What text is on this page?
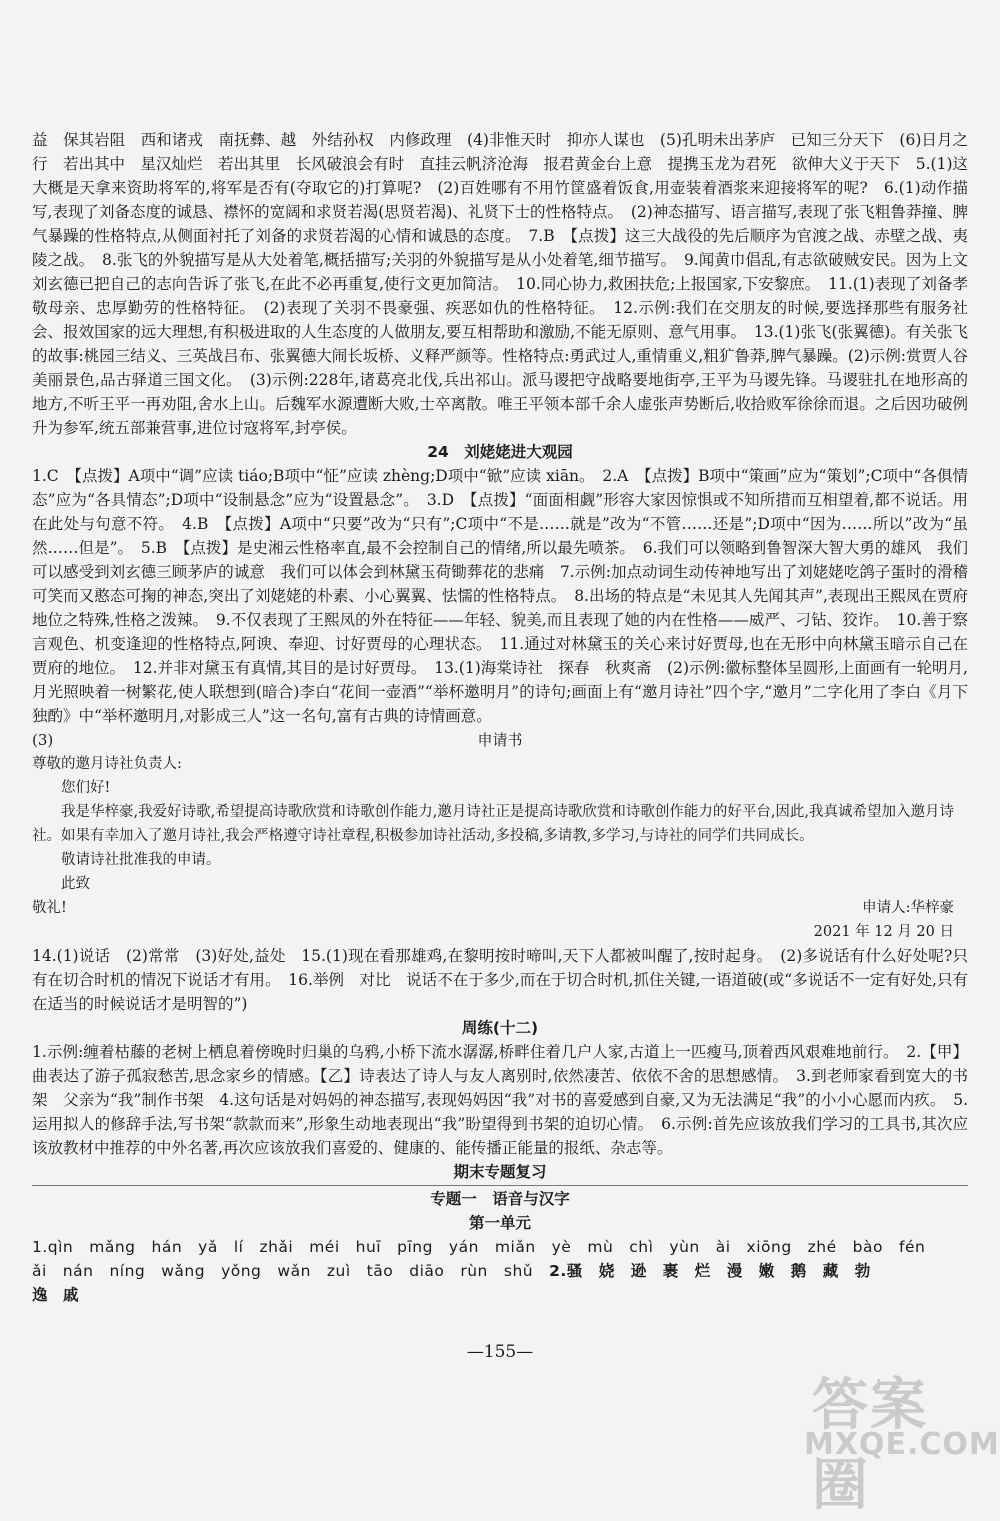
益　保其岩阻　西和诸戎　南抚彝、越　外结孙权　内修政理　(4)非惟天时　抑亦人谋也　(5)孔明未出茅庐　已知三分天下　(6)日月之行　若出其中　星汉灿烂　若出其里　长风破浪会有时　直挂云帆济沧海　报君黄金台上意　提携玉龙为君死　欲伸大义于天下　5.(1)这大概是天拿来资助将军的,将军是否有(夺取它的)打算呢?　(2)百姓哪有不用竹筐盛着饭食,用壶装着酒浆来迎接将军的呢?　6.(1)动作描写,表现了刘备态度的诚恳、襟怀的宽阔和求贤若渴(思贤若渴)、礼贤下士的性格特点。　(2)神态描写、语言描写,表现了张飞粗鲁莽撞、脾气暴躁的性格特点,从侧面衬托了刘备的求贤若渴的心情和诚恳的态度。　7.B　【点拨】这三大战役的先后顺序为官渡之战、赤壁之战、夷陵之战。　8.张飞的外貌描写是从大处着笔,概括描写;关羽的外貌描写是从小处着笔,细节描写。　9.闻黄巾倡乱,有志欲破贼安民。因为上文刘玄德已把自己的志向告诉了张飞,在此不必再重复,使行文更加简洁。　10.同心协力,救困扶危;上报国家,下安黎庶。　11.(1)表现了刘备孝敬母亲、忠厚勤劳的性格特征。　(2)表现了关羽不畏豪强、疾恶如仇的性格特征。　12.示例:我们在交朋友的时候,要选择那些有服务社会、报效国家的远大理想,有积极进取的人生态度的人做朋友,要互相帮助和激励,不能无原则、意气用事。　13.(1)张飞(张翼德)。有关张飞的故事:桃园三结义、三英战吕布、张翼德大闹长坂桥、义释严颜等。性格特点:勇武过人,重情重义,粗犷鲁莽,脾气暴躁。(2)示例:赏贾人谷美丽景色,品古驿道三国文化。　(3)示例:228年,诸葛亮北伐,兵出祁山。派马谡把守战略要地街亭,王平为马谡先锋。马谡驻扎在地形高的地方,不听王平一再劝阻,舍水上山。后魏军水源遭断大败,士卒离散。唯王平领本部千余人虚张声势断后,收拾败军徐徐而退。之后因功破例升为参军,统五部兼营事,进位讨寇将军,封亭侯。

24　刘姥姥进大观园

1.C　【点拨】A项中“调”应读 tiáo;B项中“怔”应读 zhèng;D项中“锨”应读 xiān。　2.A　【点拨】B项中“策画”应为“策划”;C项中“各俱情态”应为“各具情态”;D项中“设制悬念”应为“设置悬念”。　3.D　【点拨】“面面相觑”形容大家因惊惧或不知所措而互相望着,都不说话。用在此处与句意不符。　4.B　【点拨】A项中“只要”改为“只有”;C项中“不是……就是”改为“不管……还是”;D项中“因为……所以”改为“虽然……但是”。　5.B　【点拨】是史湘云性格率直,最不会控制自己的情绪,所以最先喷茶。　6.我们可以领略到鲁智深大智大勇的雄风　我们可以感受到刘玄德三顾茅庐的诚意　我们可以体会到林黛玉荷锄葬花的悲痛　7.示例:加点动词生动传神地写出了刘姥姥吃鸽子蛋时的滑稽可笑而又憨态可掬的神态,突出了刘姥姥的朴素、小心翼翼、怯懦的性格特点。　8.出场的特点是“未见其人先闻其声”,表现出王熙凤在贾府地位之特殊,性格之泼辣。　9.不仅表现了王熙凤的外在特征——年轻、貌美,而且表现了她的内在性格——威严、刁钻、狡诈。　10.善于察言观色、机变逢迎的性格特点,阿谀、奉迎、讨好贾母的心理状态。　11.通过对林黛玉的关心来讨好贾母,也在无形中向林黛玉暗示自己在贾府的地位。　12.并非对黛玉有真情,其目的是讨好贾母。　13.(1)海棠诗社　探春　秋爽斋　(2)示例:徽标整体呈圆形,上面画有一轮明月,月光照映着一树繁花,使人联想到(暗合)李白“花间一壶酒”“举杯邀明月”的诗句;画面上有“邀月诗社”四个字,“邀月”二字化用了李白《月下独酌》中“举杯邀明月,对影成三人”这一名句,富有古典的诗情画意。

(3)	申请书

尊敬的邀月诗社负责人:

您们好!

我是华梓豪,我爱好诗歌,希望提高诗歌欣赏和诗歌创作能力,邀月诗社正是提高诗歌欣赏和诗歌创作能力的好平台,因此,我真诚希望加入邀月诗社。如果有幸加入了邀月诗社,我会严格遵守诗社章程,积极参加诗社活动,多投稿,多请教,多学习,与诗社的同学们共同成长。

敬请诗社批准我的申请。

此致

敬礼!	申请人:华梓豪

2021 年 12 月 20 日

14.(1)说话　(2)常常　(3)好处,益处　15.(1)现在看那雄鸡,在黎明按时啼叫,天下人都被叫醒了,按时起身。　(2)多说话有什么好处呢?只有在切合时机的情况下说话才有用。　16.举例　对比　说话不在于多少,而在于切合时机,抓住关键,一语道破(或“多说话不一定有好处,只有在适当的时候说话才是明智的”)

周练(十二)

1.示例:缠着枯藤的老树上栖息着傍晚时归巢的乌鸦,小桥下流水潺潺,桥畔住着几户人家,古道上一匹瘦马,顶着西风艰难地前行。　2.【甲】曲表达了游子孤寂愁苦,思念家乡的情感。【乙】诗表达了诗人与友人离别时,依然凄苦、依依不舍的思想感情。　3.到老师家看到宽大的书架　父亲为“我”制作书架　4.这句话是对妈妈的神态描写,表现妈妈因“我”对书的喜爱感到自豪,又为无法满足“我”的小小心愿而内疚。　5.运用拟人的修辞手法,写书架“款款而来”,形象生动地表现出“我”盼望得到书架的迫切心情。　6.示例:首先应该放我们学习的工具书,其次应该放教材中推荐的中外名著,再次应该放我们喜爱的、健康的、能传播正能量的报纸、杂志等。

期末专题复习

专题一　语音与汉字

第一单元

1.qìn　mǎng　hán　yǎ　lí　zhǎi　méi　huī　pīng　yán　miǎn　yè　mù　chì　yùn　ài　xiōng　zhé　bào　fén

ǎi　nán　níng　wǎng　yǒng　wǎn　zuì　tāo　diāo　rùn　shǔ　 2.骚　娆　逊　裹　烂　漫　嫩　鹅　藏　勃

逸　戚

—155—
答案圈
MXQE.COM
